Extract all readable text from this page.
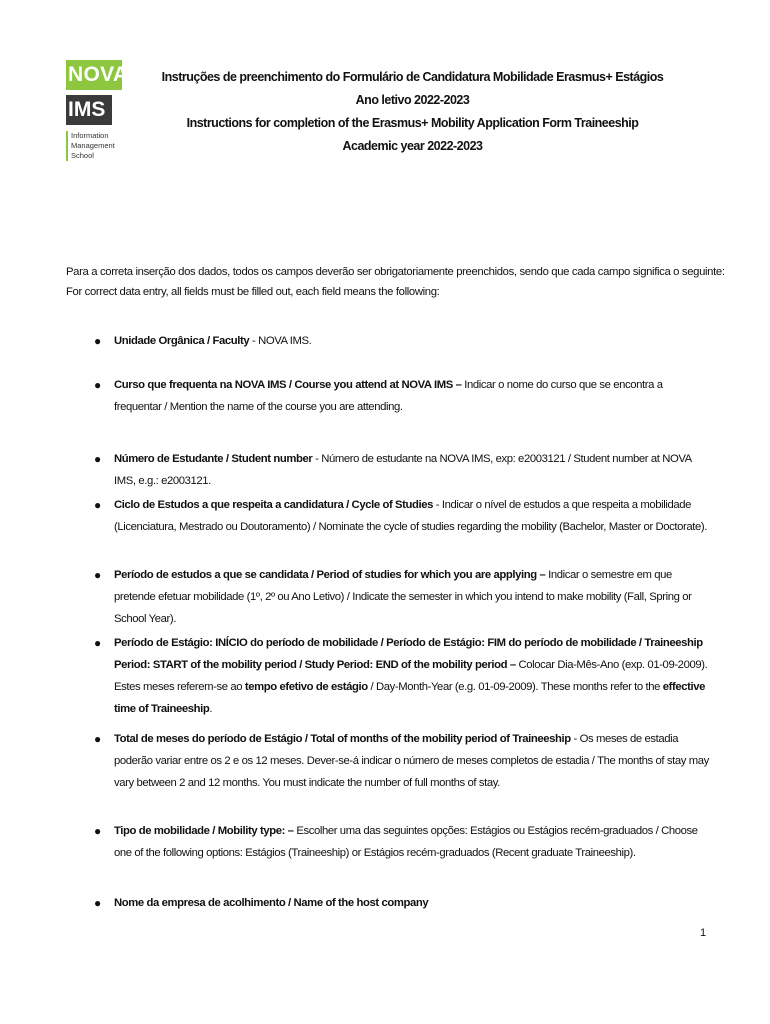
NOVA
IMS
Information
Management
School
Instruções de preenchimento do Formulário de Candidatura Mobilidade Erasmus+ Estágios
Ano letivo 2022-2023
Instructions for completion of the Erasmus+ Mobility Application Form Traineeship
Academic year 2022-2023
Para a correta inserção dos dados, todos os campos deverão ser obrigatoriamente preenchidos, sendo que cada campo significa o seguinte:
For correct data entry, all fields must be filled out, each field means the following:
● Unidade Orgânica / Faculty - NOVA IMS.
● Curso que frequenta na NOVA IMS / Course you attend at NOVA IMS – Indicar o nome do curso que se encontra a frequentar / Mention the name of the course you are attending.
● Número de Estudante / Student number - Número de estudante na NOVA IMS, exp: e2003121 / Student number at NOVA IMS, e.g.: e2003121.
● Ciclo de Estudos a que respeita a candidatura / Cycle of Studies - Indicar o nível de estudos a que respeita a mobilidade (Licenciatura, Mestrado ou Doutoramento) / Nominate the cycle of studies regarding the mobility (Bachelor, Master or Doctorate).
● Período de estudos a que se candidata / Period of studies for which you are applying – Indicar o semestre em que pretende efetuar mobilidade (1º, 2º ou Ano Letivo) / Indicate the semester in which you intend to make mobility (Fall, Spring or School Year).
● Período de Estágio: INÍCIO do período de mobilidade / Período de Estágio: FIM do período de mobilidade / Traineeship Period: START of the mobility period / Study Period: END of the mobility period – Colocar Dia-Mês-Ano (exp. 01-09-2009). Estes meses referem-se ao tempo efetivo de estágio / Day-Month-Year (e.g. 01-09-2009). These months refer to the effective time of Traineeship.
● Total de meses do período de Estágio / Total of months of the mobility period of Traineeship - Os meses de estadia poderão variar entre os 2 e os 12 meses. Dever-se-á indicar o número de meses completos de estadia / The months of stay may vary between 2 and 12 months. You must indicate the number of full months of stay.
● Tipo de mobilidade / Mobility type: – Escolher uma das seguintes opções: Estágios ou Estágios recém-graduados / Choose one of the following options: Estágios (Traineeship) or Estágios recém-graduados (Recent graduate Traineeship).
● Nome da empresa de acolhimento / Name of the host company
1
